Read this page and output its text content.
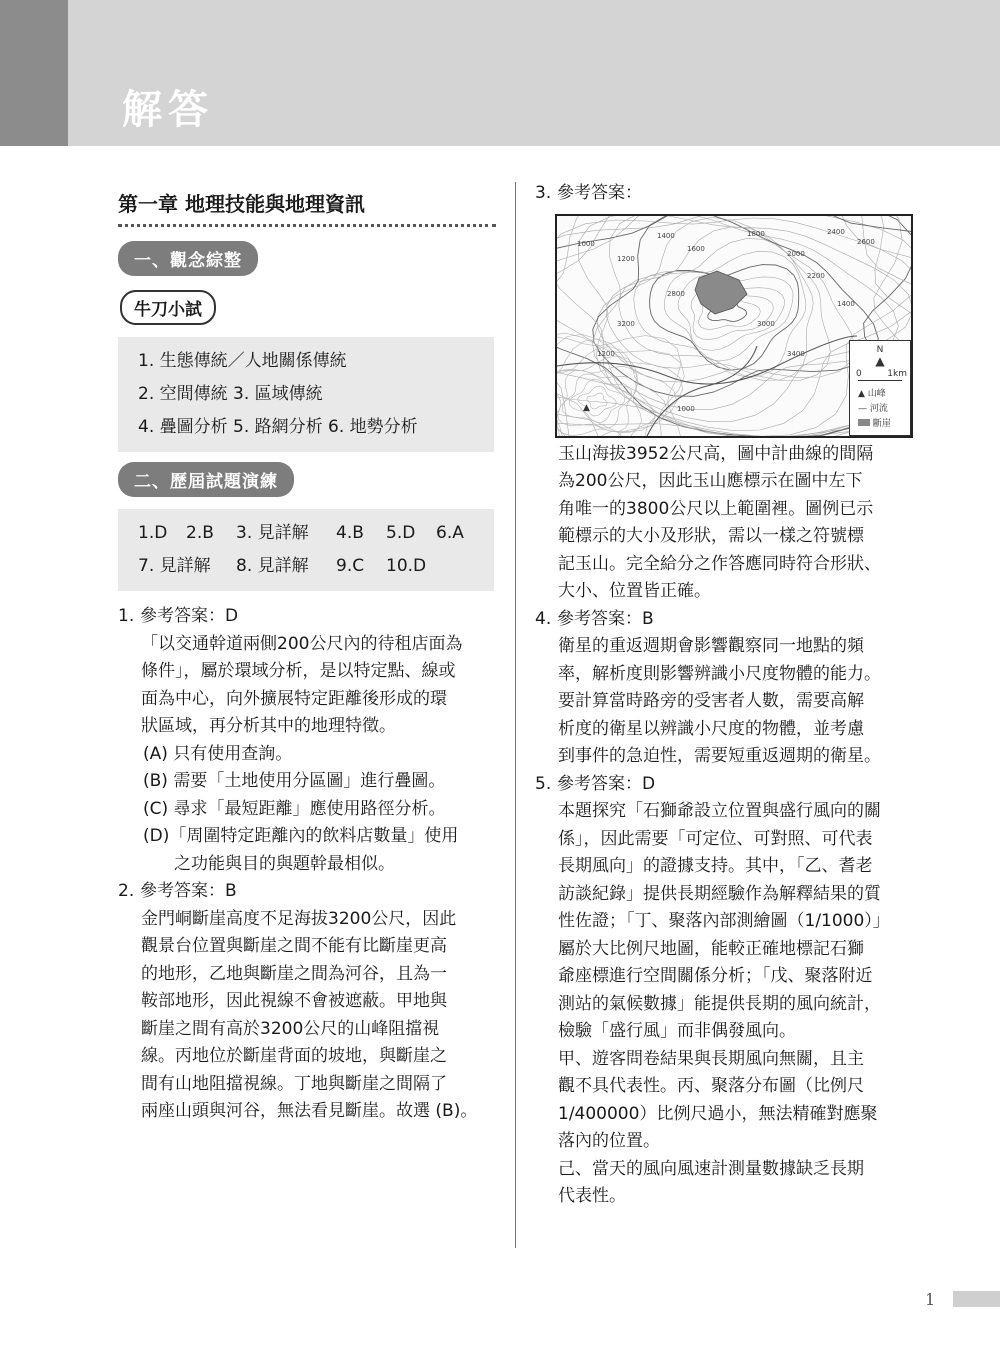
解答
第一章 地理技能與地理資訊
一、觀念綜整
牛刀小試
1. 生態傳統／人地關係傳統
2. 空間傳統 3. 區域傳統
4. 疊圖分析 5. 路網分析 6. 地勢分析
二、歷屆試題演練
1.D 2.B 3. 見詳解 4.B 5.D 6.A
7. 見詳解 8. 見詳解 9.C 10.D
1. 參考答案：D
「以交通幹道兩側200公尺內的待租店面為
條件」，屬於環域分析，是以特定點、線或
面為中心，向外擴展特定距離後形成的環
狀區域，再分析其中的地理特徵。
(A) 只有使用查詢。
(B) 需要「土地使用分區圖」進行疊圖。
(C) 尋求「最短距離」應使用路徑分析。
(D)「周圍特定距離內的飲料店數量」使用
之功能與目的與題幹最相似。
2. 參考答案：B
金門峒斷崖高度不足海拔3200公尺，因此
觀景台位置與斷崖之間不能有比斷崖更高
的地形，乙地與斷崖之間為河谷，且為一
鞍部地形，因此視線不會被遮蔽。甲地與
斷崖之間有高於3200公尺的山峰阻擋視
線。丙地位於斷崖背面的坡地，與斷崖之
間有山地阻擋視線。丁地與斷崖之間隔了
兩座山頭與河谷，無法看見斷崖。故選 (B)。
3. 參考答案：
▲
1000
1200
1400
1600
1800
2000
2200
2400
2600
2800
3000
3200
3400
1000
1200
1400
N
▲
0	1km
▲ 山峰
— 河流
斷崖
玉山海拔3952公尺高，圖中計曲線的間隔
為200公尺，因此玉山應標示在圖中左下
角唯一的3800公尺以上範圍裡。圖例已示
範標示的大小及形狀，需以一樣之符號標
記玉山。完全給分之作答應同時符合形狀、
大小、位置皆正確。
4. 參考答案：B
衛星的重返週期會影響觀察同一地點的頻
率，解析度則影響辨識小尺度物體的能力。
要計算當時路旁的受害者人數，需要高解
析度的衛星以辨識小尺度的物體，並考慮
到事件的急迫性，需要短重返週期的衛星。
5. 參考答案：D
本題探究「石獅爺設立位置與盛行風向的關
係」，因此需要「可定位、可對照、可代表
長期風向」的證據支持。其中，「乙、耆老
訪談紀錄」提供長期經驗作為解釋結果的質
性佐證；「丁、聚落內部測繪圖（1/1000）」
屬於大比例尺地圖，能較正確地標記石獅
爺座標進行空間關係分析；「戊、聚落附近
測站的氣候數據」能提供長期的風向統計，
檢驗「盛行風」而非偶發風向。
甲、遊客問卷結果與長期風向無關，且主
觀不具代表性。丙、聚落分布圖（比例尺
1/400000）比例尺過小，無法精確對應聚
落內的位置。
己、當天的風向風速計測量數據缺乏長期
代表性。
1
